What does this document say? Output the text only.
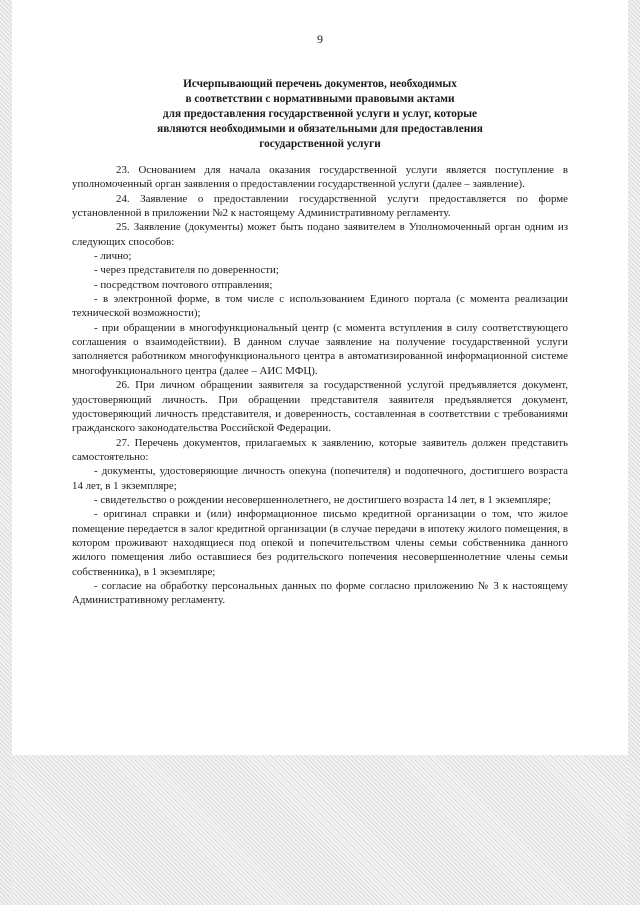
9
Исчерпывающий перечень документов, необходимых
в соответствии с нормативными правовыми актами
для предоставления государственной услуги и услуг, которые
являются необходимыми и обязательными для предоставления
государственной услуги

23. Основанием для начала оказания государственной услуги является поступление в уполномоченный орган заявления о предоставлении государственной услуги (далее – заявление).

24. Заявление о предоставлении государственной услуги предоставляется по форме установленной в приложении №2 к настоящему Административному регламенту.

25. Заявление (документы) может быть подано заявителем в Уполномоченный орган одним из следующих способов:

- лично;

- через представителя по доверенности;

- посредством почтового отправления;

- в электронной форме, в том числе с использованием Единого портала (с момента реализации технической возможности);

- при обращении в многофункциональный центр (с момента вступления в силу соответствующего соглашения о взаимодействии). В данном случае заявление на получение государственной услуги заполняется работником многофункционального центра в автоматизированной информационной системе многофункционального центра (далее – АИС МФЦ).

26. При личном обращении заявителя за государственной услугой предъявляется документ, удостоверяющий личность. При обращении представителя заявителя предъявляется документ, удостоверяющий личность представителя, и доверенность, составленная в соответствии с требованиями гражданского законодательства Российской Федерации.

27. Перечень документов, прилагаемых к заявлению, которые заявитель должен представить самостоятельно:

- документы, удостоверяющие личность опекуна (попечителя) и подопечного, достигшего возраста 14 лет, в 1 экземпляре;

- свидетельство о рождении несовершеннолетнего, не достигшего возраста 14 лет, в 1 экземпляре;

- оригинал справки и (или) информационное письмо кредитной организации о том, что жилое помещение передается в залог кредитной организации (в случае передачи в ипотеку жилого помещения, в котором проживают находящиеся под опекой и попечительством члены семьи собственника данного жилого помещения либо оставшиеся без родительского попечения несовершеннолетние члены семьи собственника), в 1 экземпляре;

- согласие на обработку персональных данных по форме согласно приложению № 3 к настоящему Административному регламенту.
